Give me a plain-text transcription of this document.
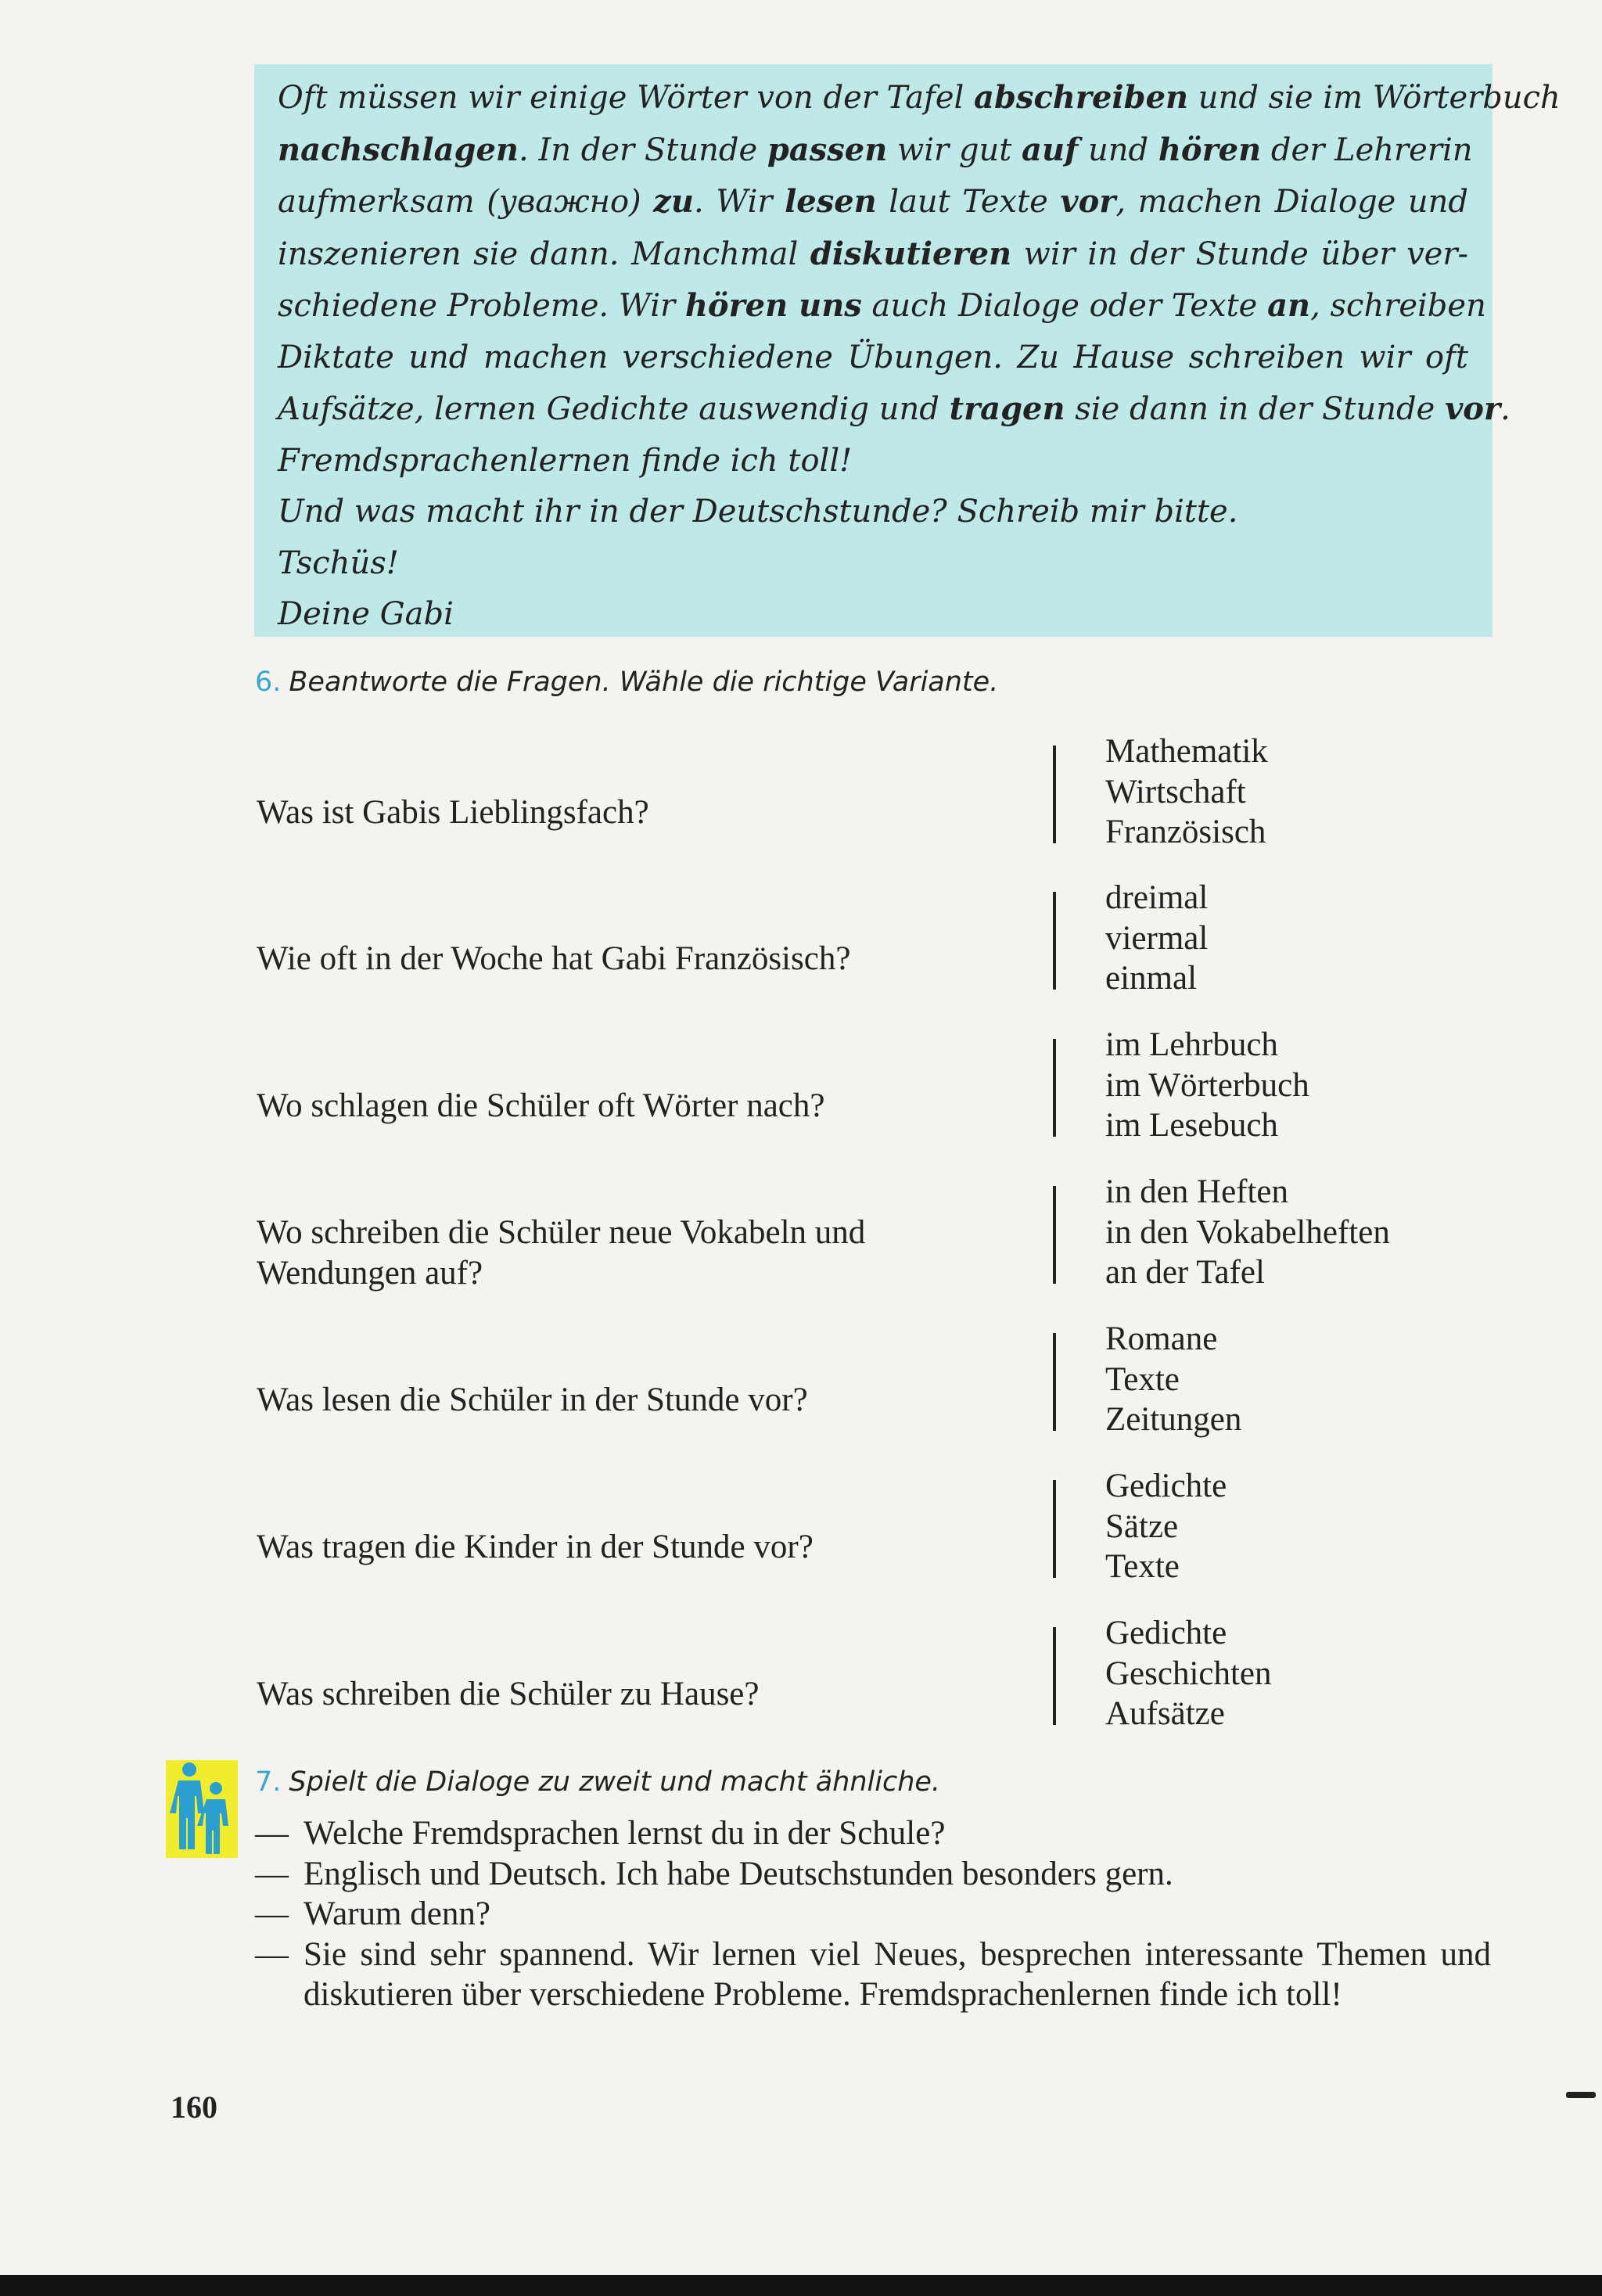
Oft müssen wir einige Wörter von der Tafel abschreiben und sie im Wörterbuch
nachschlagen. In der Stunde passen wir gut auf und hören der Lehrerin
aufmerksam (уважно) zu. Wir lesen laut Texte vor, machen Dialoge und
inszenieren sie dann. Manchmal diskutieren wir in der Stunde über ver-
schiedene Probleme. Wir hören uns auch Dialoge oder Texte an, schreiben
Diktate und machen verschiedene Übungen. Zu Hause schreiben wir oft
Aufsätze, lernen Gedichte auswendig und tragen sie dann in der Stunde vor.
Fremdsprachenlernen finde ich toll!
Und was macht ihr in der Deutschstunde? Schreib mir bitte.
Tschüs!
Deine Gabi
6. Beantworte die Fragen. Wähle die richtige Variante.
Was ist Gabis Lieblingsfach?
Mathematik
Wirtschaft
Französisch
Wie oft in der Woche hat Gabi Französisch?
dreimal
viermal
einmal
Wo schlagen die Schüler oft Wörter nach?
im Lehrbuch
im Wörterbuch
im Lesebuch
Wo schreiben die Schüler neue Vokabeln und Wendungen auf?
in den Heften
in den Vokabelheften
an der Tafel
Was lesen die Schüler in der Stunde vor?
Romane
Texte
Zeitungen
Was tragen die Kinder in der Stunde vor?
Gedichte
Sätze
Texte
Was schreiben die Schüler zu Hause?
Gedichte
Geschichten
Aufsätze
7. Spielt die Dialoge zu zweit und macht ähnliche.
— Welche Fremdsprachen lernst du in der Schule?
— Englisch und Deutsch. Ich habe Deutschstunden besonders gern.
— Warum denn?
— Sie sind sehr spannend. Wir lernen viel Neues, besprechen interessante Themen und diskutieren über verschiedene Probleme. Fremdsprachenlernen finde ich toll!
160
